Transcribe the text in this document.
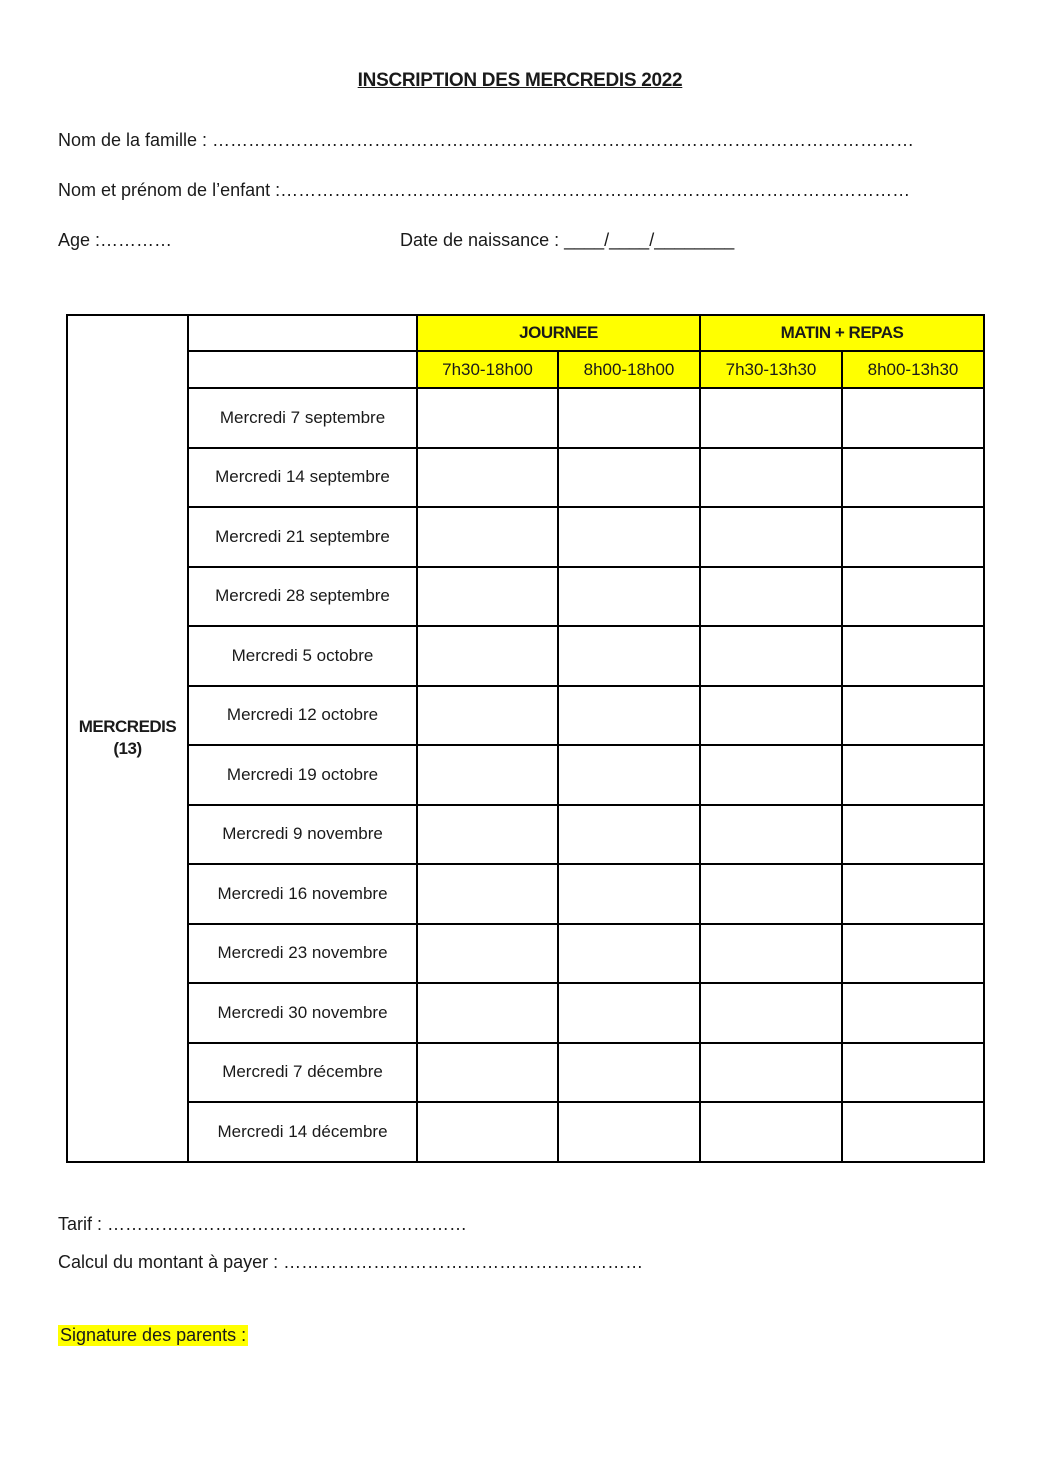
INSCRIPTION DES MERCREDIS 2022
Nom de la famille : ………………………………………………………………………………………………………
Nom et prénom de l’enfant :……………………………………………………………………………………………
Age :…………	Date de naissance : ____/____/________
MERCREDIS
(13)		JOURNEE		MATIN + REPAS	
		7h30-18h00	8h00-18h00	7h30-13h30	8h00-13h30
	Mercredi 7 septembre				
	Mercredi 14 septembre				
	Mercredi 21 septembre				
	Mercredi 28 septembre				
	Mercredi 5 octobre				
	Mercredi 12 octobre				
	Mercredi 19 octobre				
	Mercredi 9 novembre				
	Mercredi 16 novembre				
	Mercredi 23 novembre				
	Mercredi 30 novembre				
	Mercredi 7 décembre				
	Mercredi 14 décembre				
Tarif : ……………………………………………………
Calcul du montant à payer : ……………………………………………………
Signature des parents :
